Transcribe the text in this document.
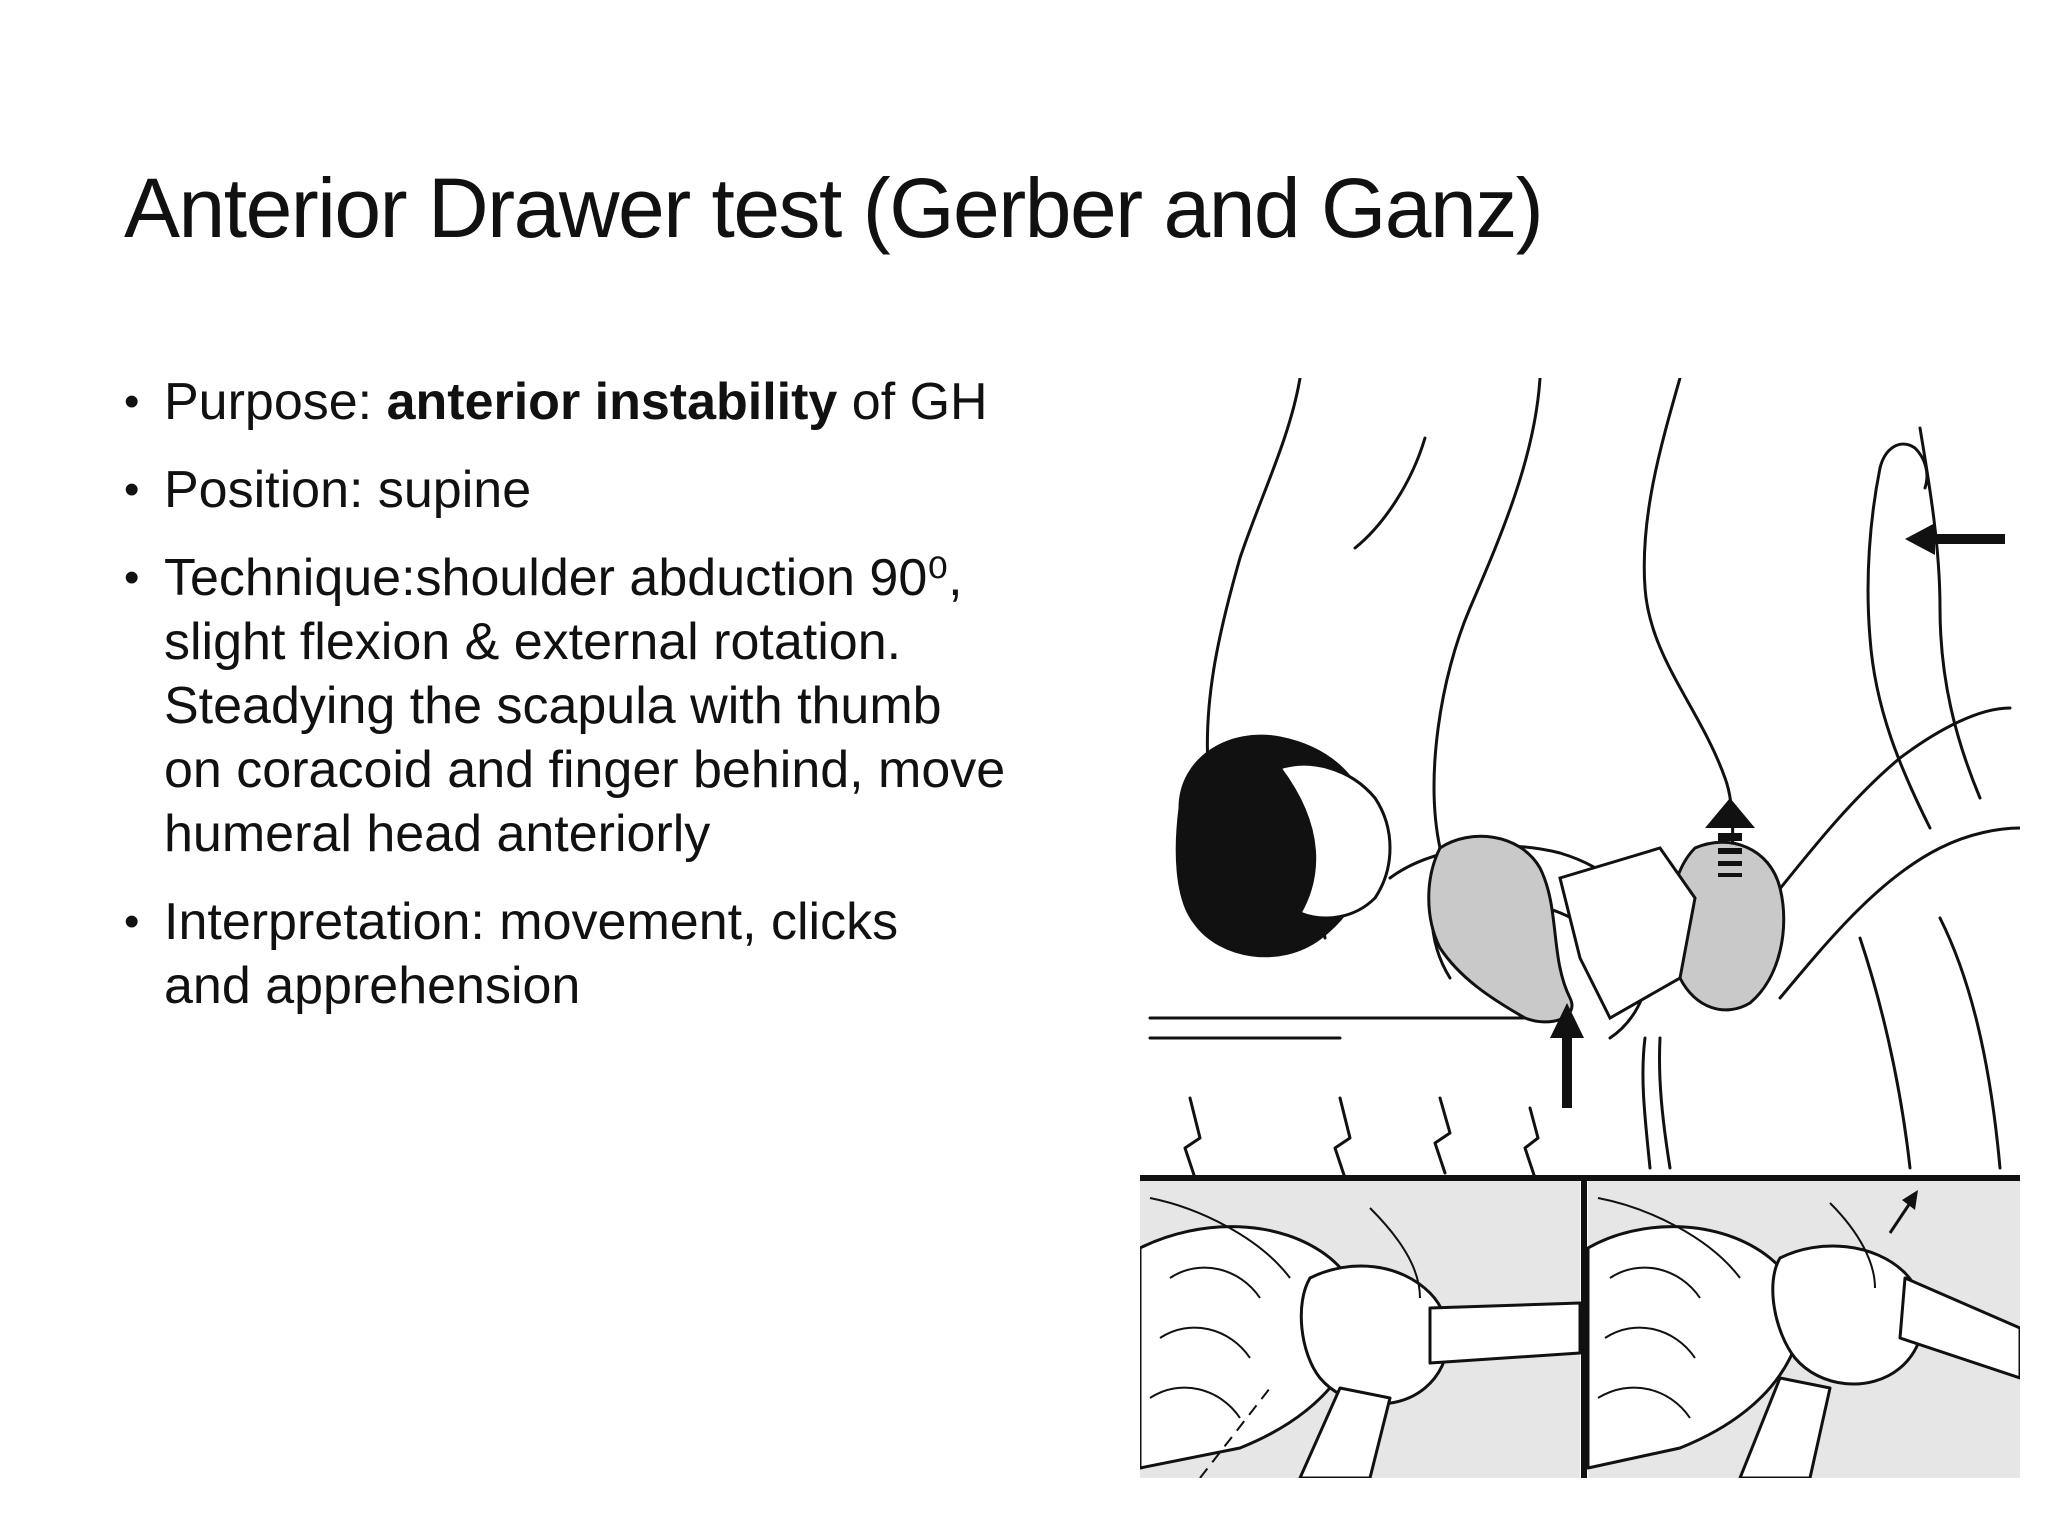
Anterior Drawer test (Gerber and Ganz)
• Purpose: anterior instability of GH
• Position: supine
• Technique:shoulder abduction 90⁰,
slight flexion & external rotation.
Steadying the scapula with thumb
on coracoid and finger behind, move
humeral head anteriorly
• Interpretation: movement, clicks
and apprehension
